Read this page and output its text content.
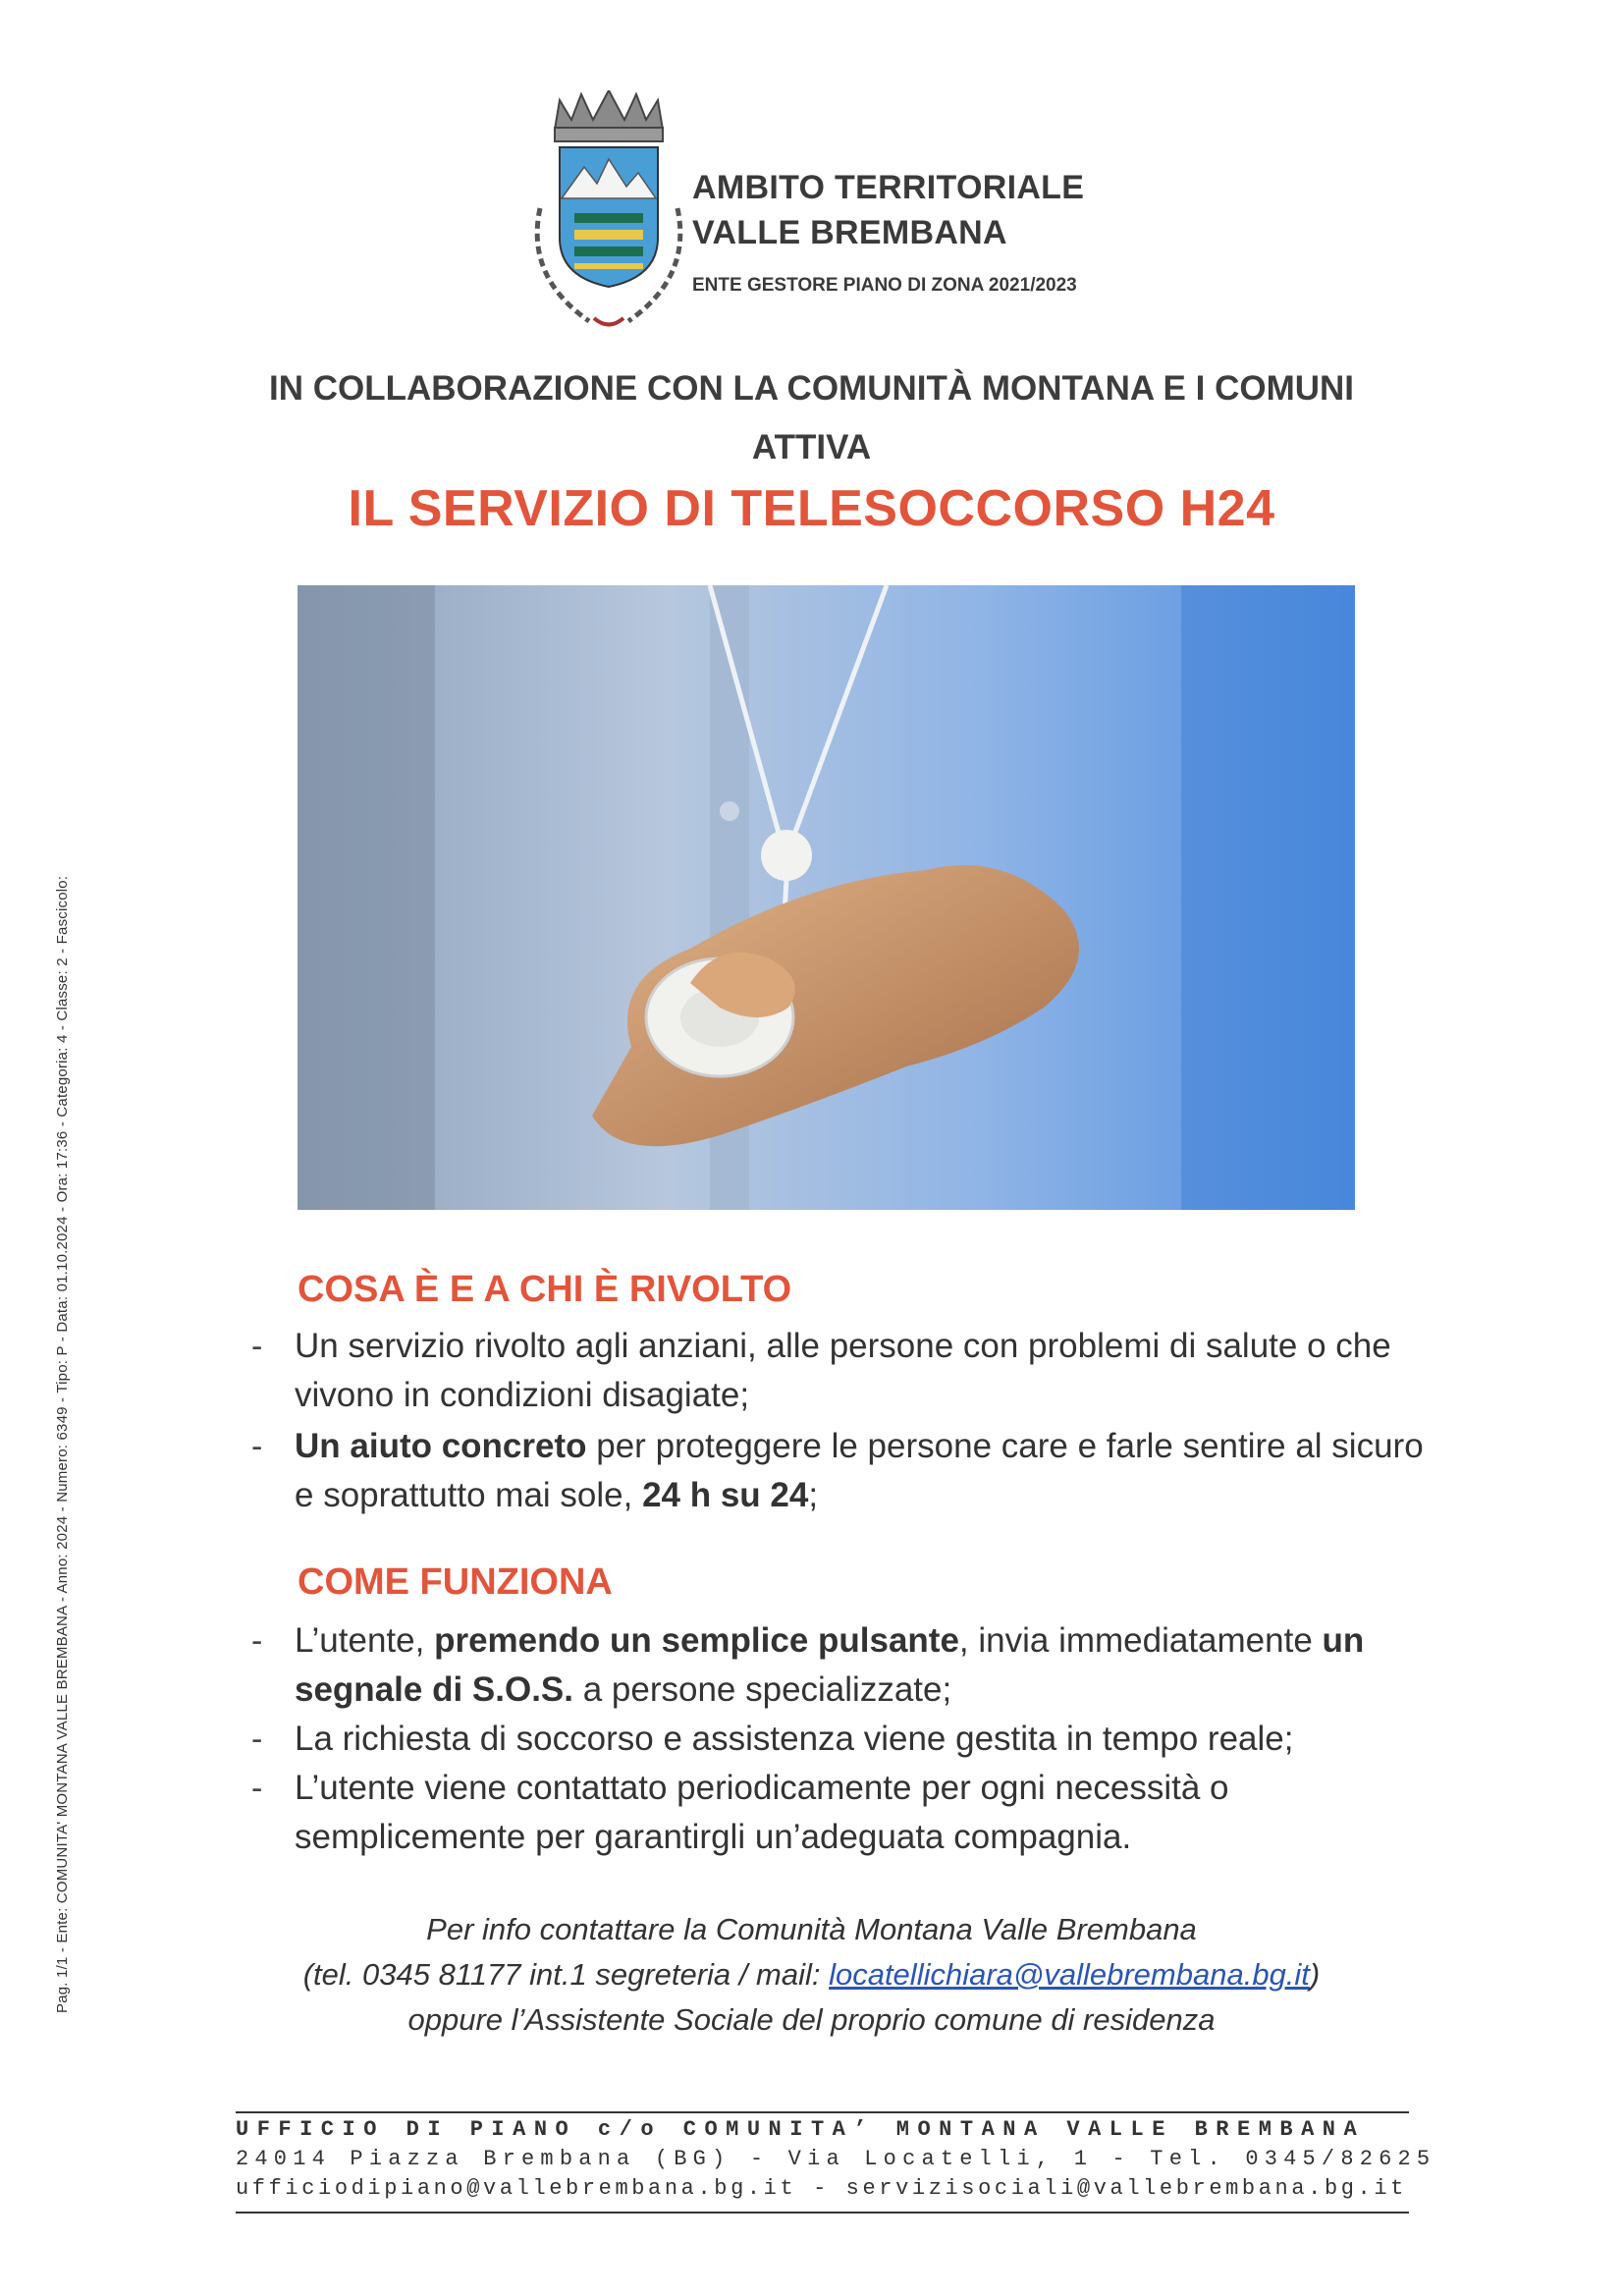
Pag. 1/1 - Ente: COMUNITA' MONTANA VALLE BREMBANA - Anno: 2024 - Numero: 6349 - Tipo: P - Data: 01.10.2024 - Ora: 17:36 - Categoria: 4 - Classe: 2 - Fascicolo:
AMBITO TERRITORIALE
VALLE BREMBANA
ENTE GESTORE PIANO DI ZONA 2021/2023
IN COLLABORAZIONE CON LA COMUNITÀ MONTANA E I COMUNI
ATTIVA
IL SERVIZIO DI TELESOCCORSO H24
COSA È E A CHI È RIVOLTO
- Un servizio rivolto agli anziani, alle persone con problemi di salute o che vivono in condizioni disagiate;
- Un aiuto concreto per proteggere le persone care e farle sentire al sicuro e soprattutto mai sole, 24 h su 24;
COME FUNZIONA
- L’utente, premendo un semplice pulsante, invia immediatamente un segnale di S.O.S. a persone specializzate;
- La richiesta di soccorso e assistenza viene gestita in tempo reale;
- L’utente viene contattato periodicamente per ogni necessità o semplicemente per garantirgli un’adeguata compagnia.
Per info contattare la Comunità Montana Valle Brembana
(tel. 0345 81177 int.1 segreteria / mail: locatellichiara@vallebrembana.bg.it)
oppure l’Assistente Sociale del proprio comune di residenza
UFFICIO DI PIANO c/o COMUNITA’ MONTANA VALLE BREMBANA
24014 Piazza Brembana (BG) - Via Locatelli, 1 - Tel. 0345/82625
ufficiodipiano@vallebrembana.bg.it - servizisociali@vallebrembana.bg.it
